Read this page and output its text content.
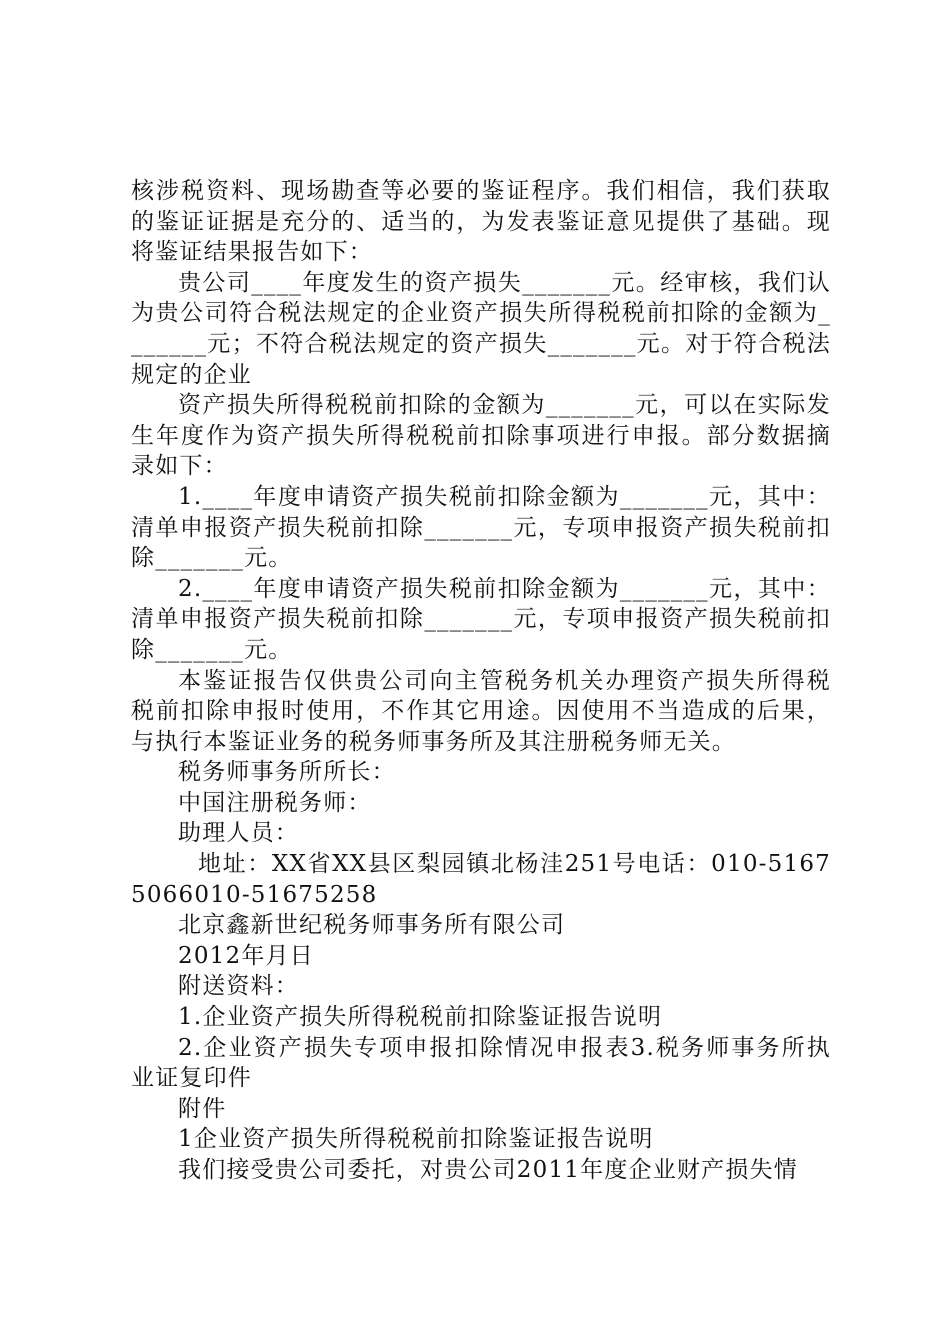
核涉税资料、现场勘查等必要的鉴证程序。我们相信，我们获取的鉴证证据是充分的、适当的，为发表鉴证意见提供了基础。现将鉴证结果报告如下：

贵公司____年度发生的资产损失_______元。经审核，我们认为贵公司符合税法规定的企业资产损失所得税税前扣除的金额为_______元；不符合税法规定的资产损失_______元。对于符合税法规定的企业

资产损失所得税税前扣除的金额为_______元，可以在实际发生年度作为资产损失所得税税前扣除事项进行申报。部分数据摘录如下：

1.____年度申请资产损失税前扣除金额为_______元，其中：清单申报资产损失税前扣除_______元，专项申报资产损失税前扣除_______元。

2.____年度申请资产损失税前扣除金额为_______元，其中：清单申报资产损失税前扣除_______元，专项申报资产损失税前扣除_______元。

本鉴证报告仅供贵公司向主管税务机关办理资产损失所得税税前扣除申报时使用，不作其它用途。因使用不当造成的后果，与执行本鉴证业务的税务师事务所及其注册税务师无关。

税务师事务所所长：

中国注册税务师：

助理人员：

地址：XX省XX县区梨园镇北杨洼251号电话：010-51675066010-51675258

北京鑫新世纪税务师事务所有限公司

2012年月日

附送资料：

1.企业资产损失所得税税前扣除鉴证报告说明

2.企业资产损失专项申报扣除情况申报表3.税务师事务所执业证复印件

附件

1企业资产损失所得税税前扣除鉴证报告说明

我们接受贵公司委托，对贵公司2011年度企业财产损失情
